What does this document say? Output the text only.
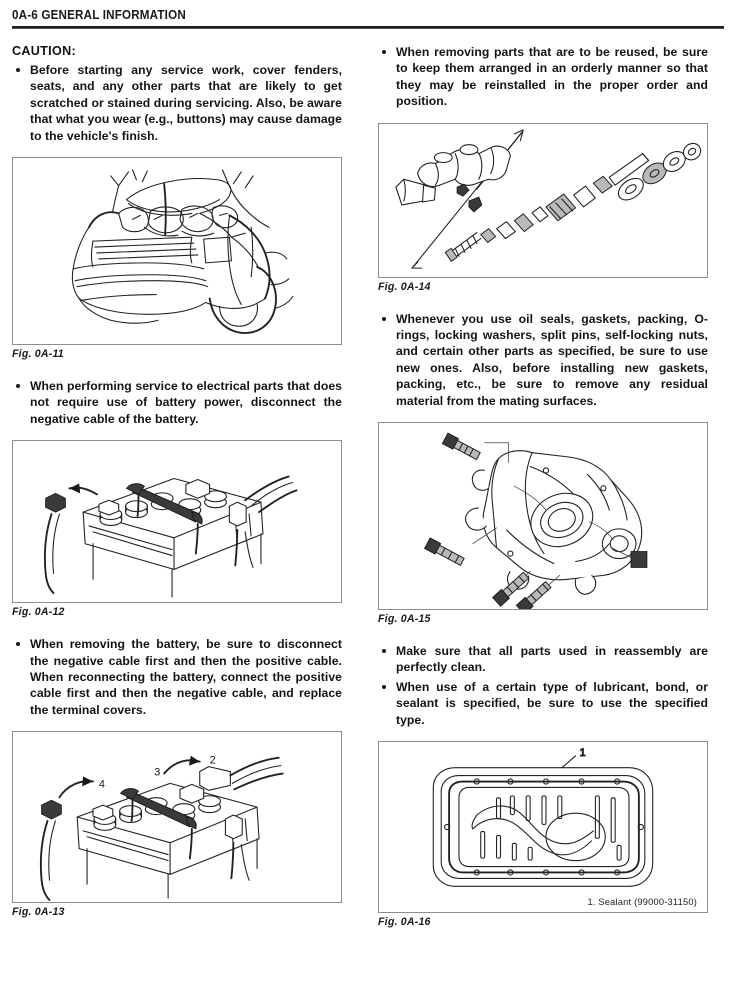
0A-6 GENERAL INFORMATION
CAUTION:

Before starting any service work, cover fenders, seats, and any other parts that are likely to get scratched or stained during servicing. Also, be aware that what you wear (e.g., buttons) may cause damage to the vehicle's finish.

Fig. 0A-11

When performing service to electrical parts that does not require use of battery power, disconnect the negative cable of the battery.

Fig. 0A-12

When removing the battery, be sure to disconnect the negative cable first and then the positive cable. When reconnecting the battery, connect the positive cable first and then the negative cable, and replace the terminal covers.

4
3
2
Fig. 0A-13

When removing parts that are to be reused, be sure to keep them arranged in an orderly manner so that they may be reinstalled in the proper order and position.

Fig. 0A-14

Whenever you use oil seals, gaskets, packing, O-rings, locking washers, split pins, self-locking nuts, and certain other parts as specified, be sure to use new ones. Also, before installing new gaskets, packing, etc., be sure to remove any residual material from the mating surfaces.

Fig. 0A-15

Make sure that all parts used in reassembly are perfectly clean.

When use of a certain type of lubricant, bond, or sealant is specified, be sure to use the specified type.

1
1. Sealant (99000-31150)
Fig. 0A-16
